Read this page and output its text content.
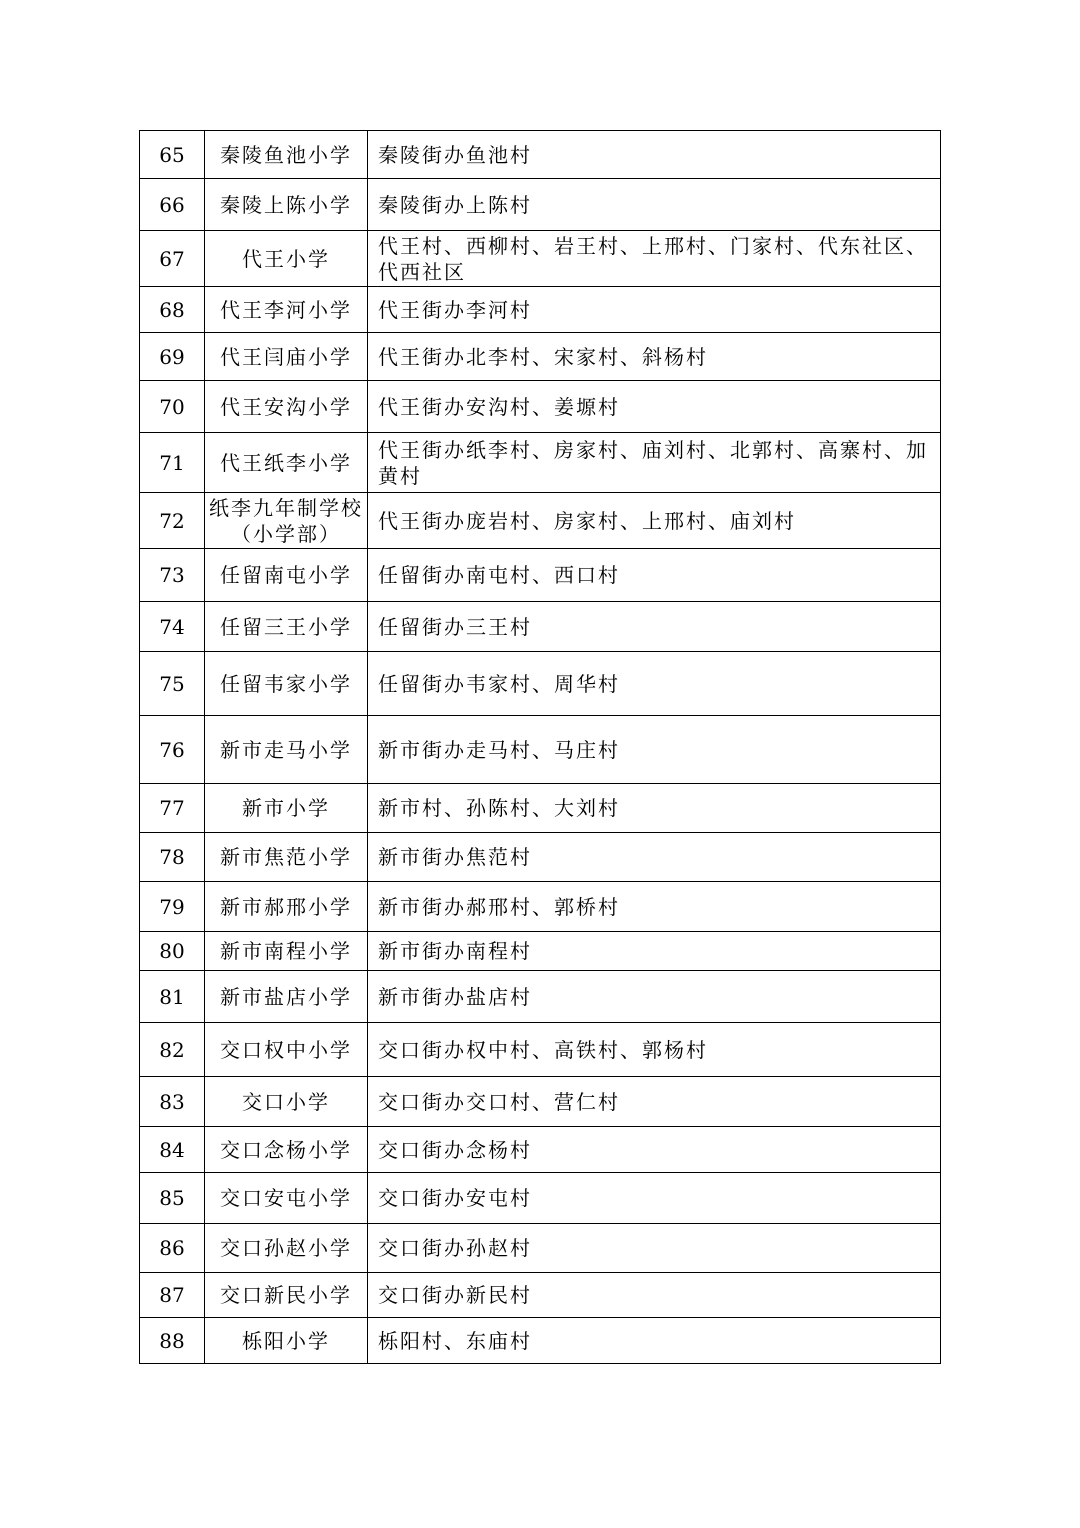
65	秦陵鱼池小学	秦陵街办鱼池村
66	秦陵上陈小学	秦陵街办上陈村
67	代王小学	代王村、西柳村、岩王村、上邢村、门家村、代东社区、代西社区
68	代王李河小学	代王街办李河村
69	代王闫庙小学	代王街办北李村、宋家村、斜杨村
70	代王安沟小学	代王街办安沟村、姜塬村
71	代王纸李小学	代王街办纸李村、房家村、庙刘村、北郭村、高寨村、加黄村
72	纸李九年制学校（小学部）	代王街办庞岩村、房家村、上邢村、庙刘村
73	任留南屯小学	任留街办南屯村、西口村
74	任留三王小学	任留街办三王村
75	任留韦家小学	任留街办韦家村、周华村
76	新市走马小学	新市街办走马村、马庄村
77	新市小学	新市村、孙陈村、大刘村
78	新市焦范小学	新市街办焦范村
79	新市郝邢小学	新市街办郝邢村、郭桥村
80	新市南程小学	新市街办南程村
81	新市盐店小学	新市街办盐店村
82	交口权中小学	交口街办权中村、高铁村、郭杨村
83	交口小学	交口街办交口村、营仁村
84	交口念杨小学	交口街办念杨村
85	交口安屯小学	交口街办安屯村
86	交口孙赵小学	交口街办孙赵村
87	交口新民小学	交口街办新民村
88	栎阳小学	栎阳村、东庙村
